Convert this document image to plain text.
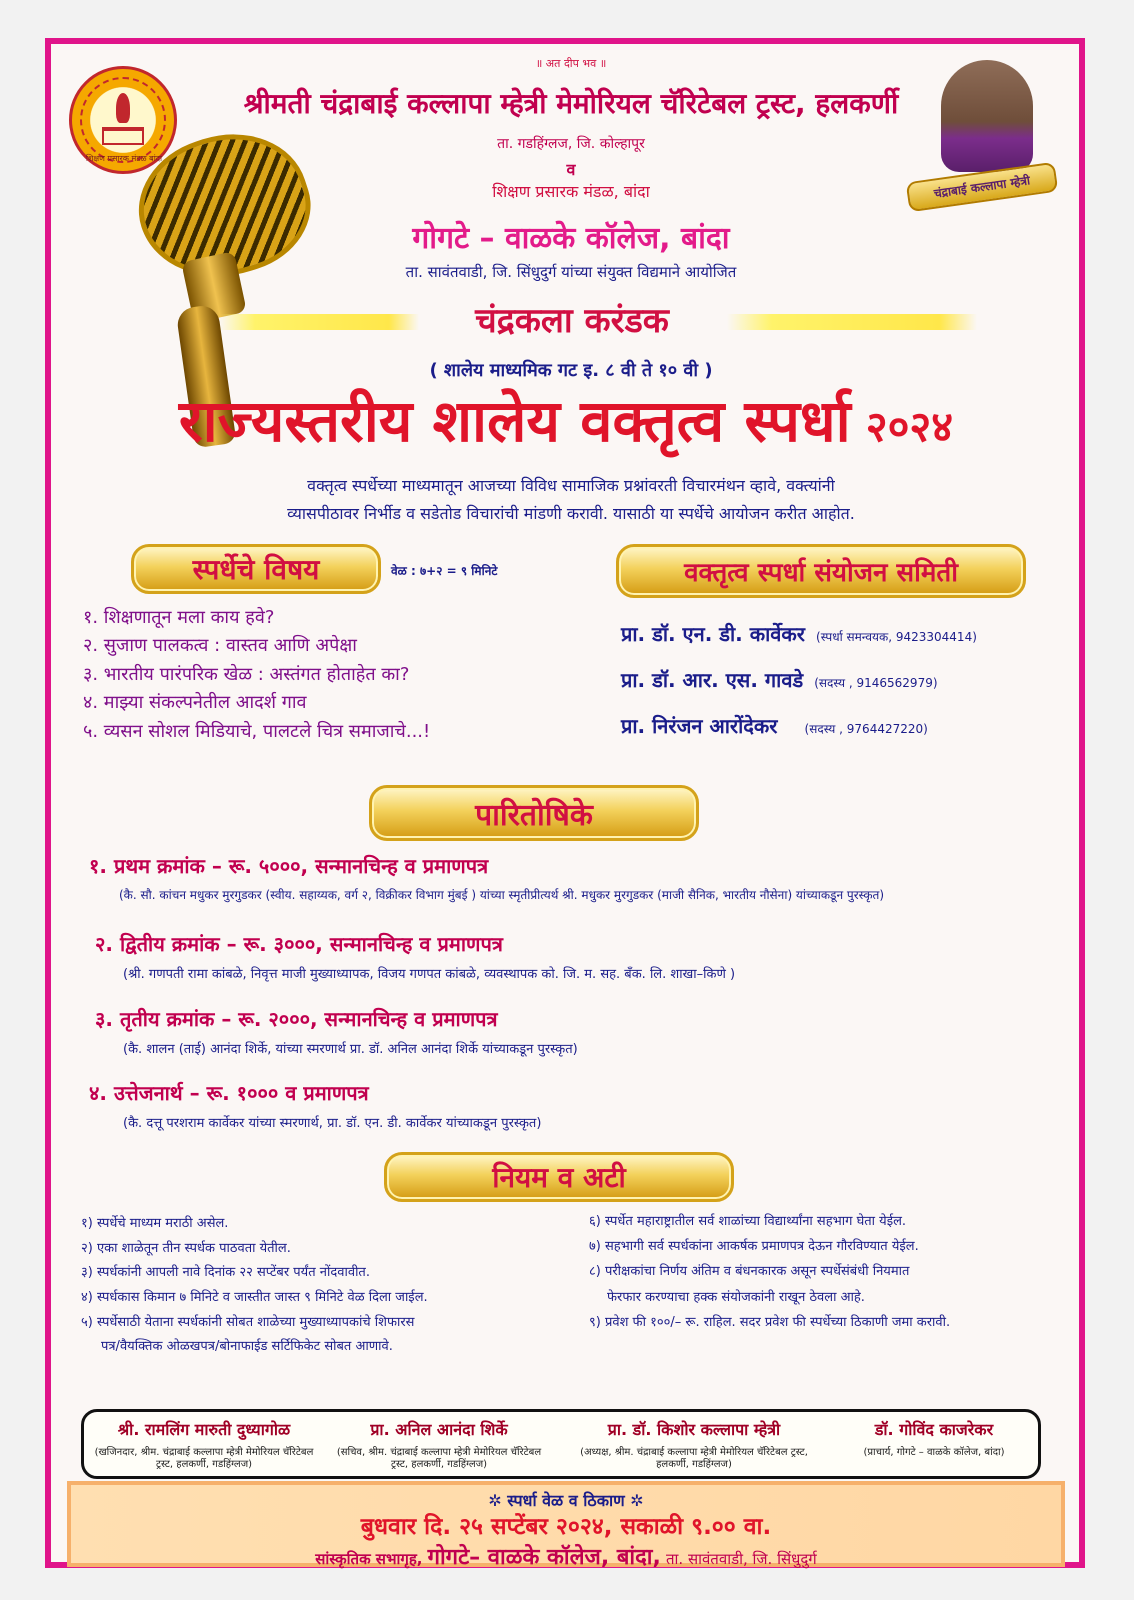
॥ अत दीप भव ॥
शिक्षण प्रसारक मंडळ बांदा
चंद्राबाई कल्लापा म्हेत्री
श्रीमती चंद्राबाई कल्लापा म्हेत्री मेमोरियल चॅरिटेबल ट्रस्ट, हलकर्णी
ता. गडहिंग्लज, जि. कोल्हापूर
व
शिक्षण प्रसारक मंडळ, बांदा
गोगटे – वाळके कॉलेज, बांदा
ता. सावंतवाडी, जि. सिंधुदुर्ग यांच्या संयुक्त विद्यमाने आयोजित
चंद्रकला करंडक
( शालेय माध्यमिक गट इ. ८ वी ते १० वी )
राज्यस्तरीय शालेय वक्तृत्व स्पर्धा २०२४
वक्तृत्व स्पर्धेच्या माध्यमातून आजच्या विविध सामाजिक प्रश्नांवरती विचारमंथन व्हावे, वक्त्यांनी
व्यासपीठावर निर्भीड व सडेतोड विचारांची मांडणी करावी. यासाठी या स्पर्धेचे आयोजन करीत आहोत.
स्पर्धेचे विषय	वेळ : ७+२ = ९ मिनिटे
१. शिक्षणातून मला काय हवे?
२. सुजाण पालकत्व : वास्तव आणि अपेक्षा
३. भारतीय पारंपरिक खेळ : अस्तंगत होताहेत का?
४. माझ्या संकल्पनेतील आदर्श गाव
५. व्यसन सोशल मिडियाचे, पालटले चित्र समाजाचे...!
वक्तृत्व स्पर्धा संयोजन समिती
प्रा. डॉ. एन. डी. कार्वेकर (स्पर्धा समन्वयक, 9423304414)
प्रा. डॉ. आर. एस. गावडे (सदस्य , 9146562979)
प्रा. निरंजन आरोंदेकर (सदस्य , 9764427220)
पारितोषिके
१. प्रथम क्रमांक – रू. ५०००, सन्मानचिन्ह व प्रमाणपत्र
(कै. सौ. कांचन मधुकर मुरगुडकर (स्वीय. सहाय्यक, वर्ग २, विक्रीकर विभाग मुंबई ) यांच्या स्मृतीप्रीत्यर्थ श्री. मधुकर मुरगुडकर (माजी सैनिक, भारतीय नौसेना) यांच्याकडून पुरस्कृत)
२. द्वितीय क्रमांक – रू. ३०००, सन्मानचिन्ह व प्रमाणपत्र
(श्री. गणपती रामा कांबळे, निवृत्त माजी मुख्याध्यापक, विजय गणपत कांबळे, व्यवस्थापक को. जि. म. सह. बँक. लि. शाखा–किणे )
३. तृतीय क्रमांक – रू. २०००, सन्मानचिन्ह व प्रमाणपत्र
(कै. शालन (ताई) आनंदा शिर्के, यांच्या स्मरणार्थ प्रा. डॉ. अनिल आनंदा शिर्के यांच्याकडून पुरस्कृत)
४. उत्तेजनार्थ – रू. १००० व प्रमाणपत्र
(कै. दत्तू परशराम कार्वेकर यांच्या स्मरणार्थ, प्रा. डॉ. एन. डी. कार्वेकर यांच्याकडून पुरस्कृत)
नियम व अटी
१) स्पर्धेचे माध्यम मराठी असेल.
२) एका शाळेतून तीन स्पर्धक पाठवता येतील.
३) स्पर्धकांनी आपली नावे दिनांक २२ सप्टेंबर पर्यंत नोंदवावीत.
४) स्पर्धकास किमान ७ मिनिटे व जास्तीत जास्त ९ मिनिटे वेळ दिला जाईल.
५) स्पर्धेसाठी येताना स्पर्धकांनी सोबत शाळेच्या मुख्याध्यापकांचे शिफारस
पत्र/वैयक्तिक ओळखपत्र/बोनाफाईड सर्टिफिकेट सोबत आणावे.
६) स्पर्धेत महाराष्ट्रातील सर्व शाळांच्या विद्यार्थ्यांना सहभाग घेता येईल.
७) सहभागी सर्व स्पर्धकांना आकर्षक प्रमाणपत्र देऊन गौरविण्यात येईल.
८) परीक्षकांचा निर्णय अंतिम व बंधनकारक असून स्पर्धेसंबंधी नियमात
फेरफार करण्याचा हक्क संयोजकांनी राखून ठेवला आहे.
९) प्रवेश फी १००/– रू. राहिल. सदर प्रवेश फी स्पर्धेच्या ठिकाणी जमा करावी.
श्री. रामलिंग मारुती दुध्यागोळ
(खजिनदार, श्रीम. चंद्राबाई कल्लापा म्हेत्री मेमोरियल चॅरिटेबल ट्रस्ट, हलकर्णी, गडहिंग्लज)
प्रा. अनिल आनंदा शिर्के
(सचिव, श्रीम. चंद्राबाई कल्लापा म्हेत्री मेमोरियल चॅरिटेबल ट्रस्ट, हलकर्णी, गडहिंग्लज)
प्रा. डॉ. किशोर कल्लापा म्हेत्री
(अध्यक्ष, श्रीम. चंद्राबाई कल्लापा म्हेत्री मेमोरियल चॅरिटेबल ट्रस्ट, हलकर्णी, गडहिंग्लज)
डॉ. गोविंद काजरेकर
(प्राचार्य, गोगटे – वाळके कॉलेज, बांदा)
✲ स्पर्धा वेळ व ठिकाण ✲
बुधवार दि. २५ सप्टेंबर २०२४, सकाळी ९.०० वा.
सांस्कृतिक सभागृह, गोगटे– वाळके कॉलेज, बांदा, ता. सावंतवाडी, जि. सिंधुदुर्ग
